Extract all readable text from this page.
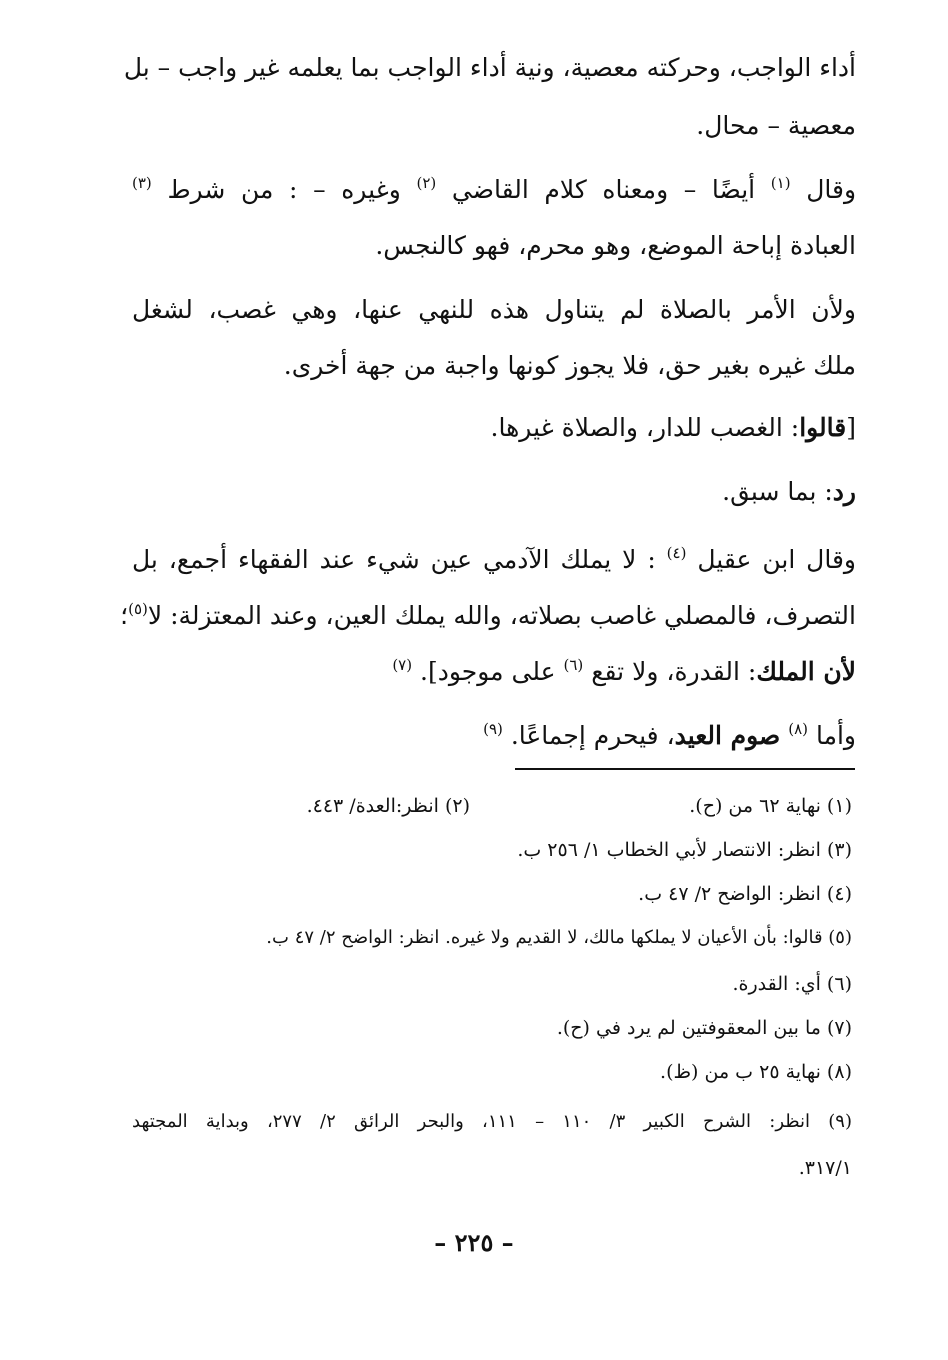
أداء الواجب، وحركته معصية، ونية أداء الواجب بما يعلمه غير واجب – بل
معصية – محال.
وقال $^{(١)}$ أيضًا – ومعناه كلام القاضي $^{(٢)}$ وغيره – : من شرط $^{(٣)}$
العبادة إباحة الموضع، وهو محرم، فهو كالنجس.
ولأن الأمر بالصلاة لم يتناول هذه للنهي عنها، وهي غصب، لشغل
ملك غيره بغير حق، فلا يجوز كونها واجبة من جهة أخرى.
[قالوا: الغصب للدار، والصلاة غيرها.
رد: بما سبق.
وقال ابن عقيل $^{(٤)}$ : لا يملك الآدمي عين شيء عند الفقهاء أجمع، بل
التصرف، فالمصلي غاصب بصلاته، والله يملك العين، وعند المعتزلة: لا$^{(٥)}$؛
لأن الملك: القدرة، ولا تقع $^{(٦)}$ على موجود]. $^{(٧)}$
وأما $^{(٨)}$ صوم العيد، فيحرم إجماعًا. $^{(٩)}$
(١) نهاية ٦٢ من (ح).
(٢) انظر:العدة/ ٤٤٣.
(٣) انظر: الانتصار لأبي الخطاب ١/ ٢٥٦ ب.
(٤) انظر: الواضح ٢/ ٤٧ ب.
(٥) قالوا: بأن الأعيان لا يملكها مالك، لا القديم ولا غيره. انظر: الواضح ٢/ ٤٧ ب.
(٦) أي: القدرة.
(٧) ما بين المعقوفتين لم يرد في (ح).
(٨) نهاية ٢٥ ب من (ظ).
(٩) انظر: الشرح الكبير ٣/ ١١٠ – ١١١، والبحر الرائق ٢/ ٢٧٧، وبداية المجتهد
٣١٧/١.
– ٢٢٥ –
